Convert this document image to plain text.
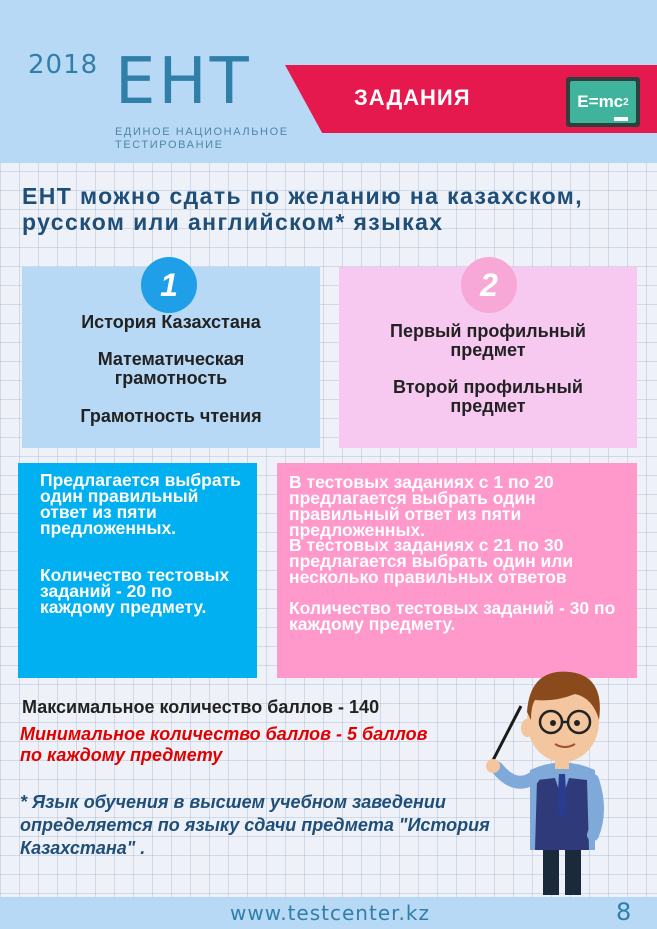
2018 ЕНТ
ЕДИНОЕ НАЦИОНАЛЬНОЕ ТЕСТИРОВАНИЕ
ЗАДАНИЯ	E=mc 2
ЕНТ можно сдать по желанию на казахском, русском или английском* языках
1	2
История Казахстана
Математическая грамотность
Грамотность чтения
Первый профильный предмет
Второй профильный предмет
Предлагается выбрать один правильный ответ из пяти предложенных.
Количество тестовых заданий - 20 по каждому предмету.
В тестовых заданиях с 1 по 20 предлагается выбрать один правильный ответ из пяти предложенных.
В тестовых заданиях с 21 по 30 предлагается выбрать один или несколько правильных ответов
Количество тестовых заданий - 30 по каждому предмету.
Максимальное количество баллов - 140
Минимальное количество баллов - 5 баллов по каждому предмету
* Язык обучения в высшем учебном заведении определяется по языку сдачи предмета "История Казахстана" .
www.testcenter.kz	8
